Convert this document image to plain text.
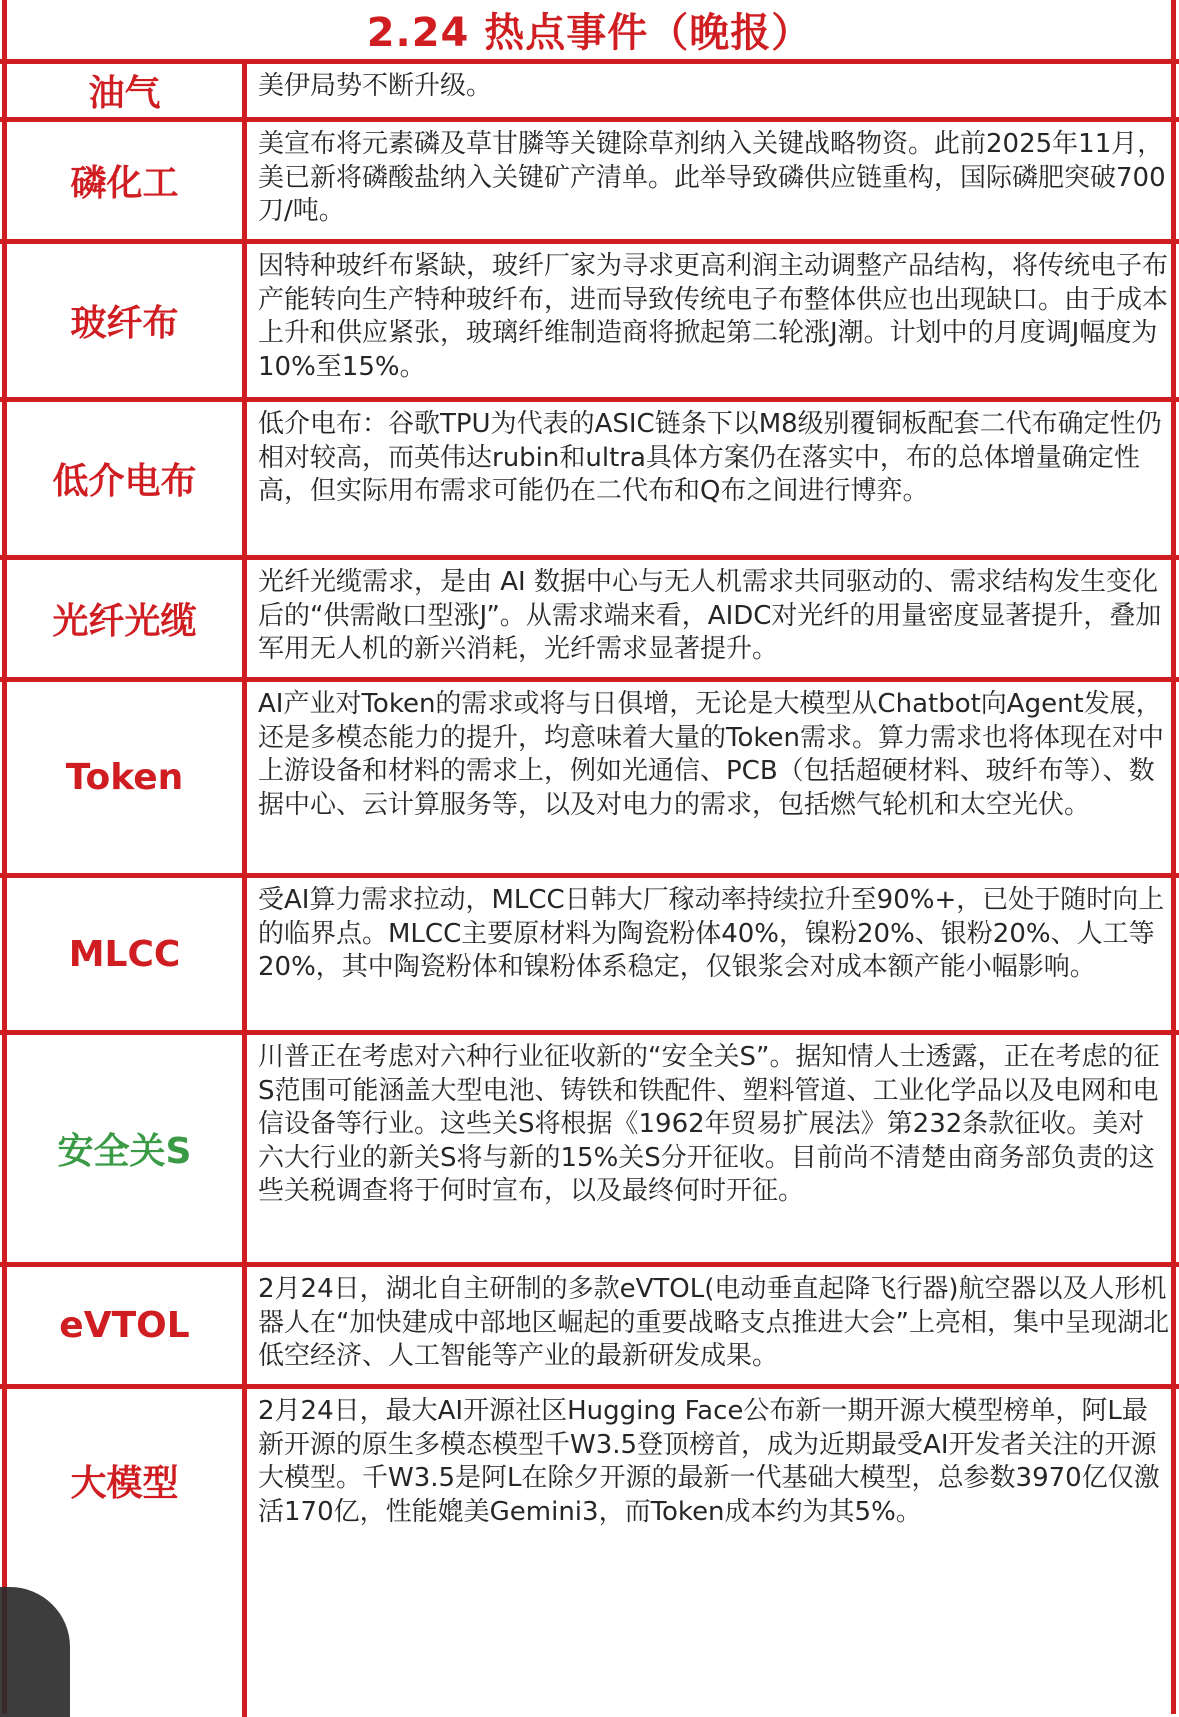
2.24 热点事件（晚报）
油气	美伊局势不断升级。
磷化工
美宣布将元素磷及草甘膦等关键除草剂纳入关键战略物资。此前2025年11月，美已新将磷酸盐纳入关键矿产清单。此举导致磷供应链重构，国际磷肥突破700刀/吨。
玻纤布
因特种玻纤布紧缺，玻纤厂家为寻求更高利润主动调整产品结构，将传统电子布产能转向生产特种玻纤布，进而导致传统电子布整体供应也出现缺口。由于成本上升和供应紧张，玻璃纤维制造商将掀起第二轮涨J潮。计划中的月度调J幅度为10%至15%。
低介电布
低介电布：谷歌TPU为代表的ASIC链条下以M8级别覆铜板配套二代布确定性仍相对较高，而英伟达rubin和ultra具体方案仍在落实中，布的总体增量确定性高，但实际用布需求可能仍在二代布和Q布之间进行博弈。
光纤光缆
光纤光缆需求，是由 AI 数据中心与无人机需求共同驱动的、需求结构发生变化后的“供需敞口型涨J”。从需求端来看，AIDC对光纤的用量密度显著提升，叠加军用无人机的新兴消耗，光纤需求显著提升。
Token
AI产业对Token的需求或将与日俱增，无论是大模型从Chatbot向Agent发展，还是多模态能力的提升，均意味着大量的Token需求。算力需求也将体现在对中上游设备和材料的需求上，例如光通信、PCB（包括超硬材料、玻纤布等）、数据中心、云计算服务等，以及对电力的需求，包括燃气轮机和太空光伏。
MLCC
受AI算力需求拉动，MLCC日韩大厂稼动率持续拉升至90%+，已处于随时向上的临界点。MLCC主要原材料为陶瓷粉体40%，镍粉20%、银粉20%、人工等20%，其中陶瓷粉体和镍粉体系稳定，仅银浆会对成本额产能小幅影响。
安全关S
川普正在考虑对六种行业征收新的“安全关S”。据知情人士透露，正在考虑的征S范围可能涵盖大型电池、铸铁和铁配件、塑料管道、工业化学品以及电网和电信设备等行业。这些关S将根据《1962年贸易扩展法》第232条款征收。美对六大行业的新关S将与新的15%关S分开征收。目前尚不清楚由商务部负责的这些关税调查将于何时宣布，以及最终何时开征。
eVTOL
2月24日，湖北自主研制的多款eVTOL(电动垂直起降飞行器)航空器以及人形机器人在“加快建成中部地区崛起的重要战略支点推进大会”上亮相，集中呈现湖北低空经济、人工智能等产业的最新研发成果。
大模型
2月24日，最大AI开源社区Hugging Face公布新一期开源大模型榜单，阿L最新开源的原生多模态模型千W3.5登顶榜首，成为近期最受AI开发者关注的开源大模型。千W3.5是阿L在除夕开源的最新一代基础大模型，总参数3970亿仅激活170亿，性能媲美Gemini3，而Token成本约为其5%。
